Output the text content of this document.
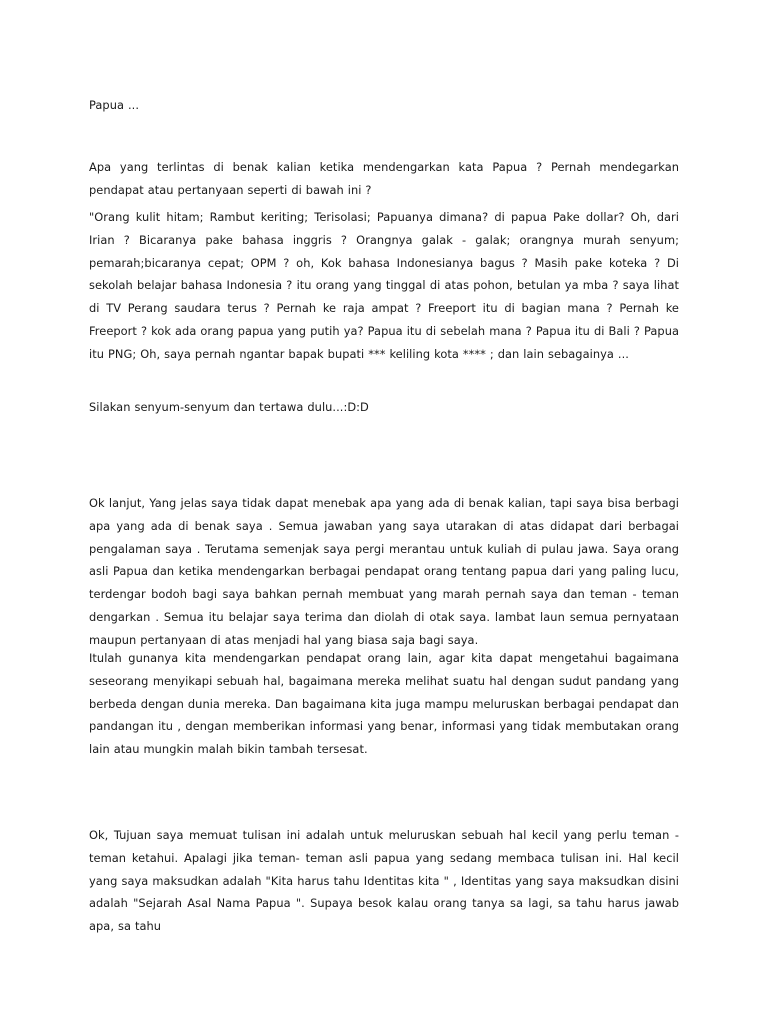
Papua ...

Apa yang terlintas di benak kalian ketika mendengarkan kata Papua ? Pernah mendegarkan pendapat atau pertanyaan seperti di bawah ini ?

"Orang kulit hitam; Rambut keriting; Terisolasi; Papuanya dimana? di papua Pake dollar? Oh, dari Irian ? Bicaranya pake bahasa inggris ? Orangnya galak - galak; orangnya murah senyum; pemarah;bicaranya cepat; OPM ? oh, Kok bahasa Indonesianya bagus ? Masih pake koteka ? Di sekolah belajar bahasa Indonesia ? itu orang yang tinggal di atas pohon, betulan ya mba ? saya lihat di TV Perang saudara terus ? Pernah ke raja ampat ? Freeport itu di bagian mana ? Pernah ke Freeport ? kok ada orang papua yang putih ya? Papua itu di sebelah mana ? Papua itu di Bali ? Papua itu PNG; Oh, saya pernah ngantar bapak bupati *** keliling kota **** ; dan lain sebagainya ...

Silakan senyum-senyum dan tertawa dulu...:D:D

Ok lanjut, Yang jelas saya tidak dapat menebak apa yang ada di benak kalian, tapi saya bisa berbagi apa yang ada di benak saya . Semua jawaban yang saya utarakan di atas didapat dari berbagai pengalaman saya . Terutama semenjak saya pergi merantau untuk kuliah di pulau jawa. Saya orang asli Papua dan ketika mendengarkan berbagai pendapat orang tentang papua dari yang paling lucu, terdengar bodoh bagi saya bahkan pernah membuat yang marah pernah saya dan teman - teman dengarkan . Semua itu belajar saya terima dan diolah di otak saya. lambat laun semua pernyataan maupun pertanyaan di atas menjadi hal yang biasa saja bagi saya.

Itulah gunanya kita mendengarkan pendapat orang lain, agar kita dapat mengetahui bagaimana seseorang menyikapi sebuah hal, bagaimana mereka melihat suatu hal dengan sudut pandang yang berbeda dengan dunia mereka. Dan bagaimana kita juga mampu meluruskan berbagai pendapat dan pandangan itu , dengan memberikan informasi yang benar, informasi yang tidak membutakan orang lain atau mungkin malah bikin tambah tersesat.

Ok, Tujuan saya memuat tulisan ini adalah untuk meluruskan sebuah hal kecil yang perlu teman - teman ketahui. Apalagi jika teman- teman asli papua yang sedang membaca tulisan ini. Hal kecil yang saya maksudkan adalah "Kita harus tahu Identitas kita " , Identitas yang saya maksudkan disini adalah "Sejarah Asal Nama Papua ". Supaya besok kalau orang tanya sa lagi, sa tahu harus jawab apa, sa tahu
